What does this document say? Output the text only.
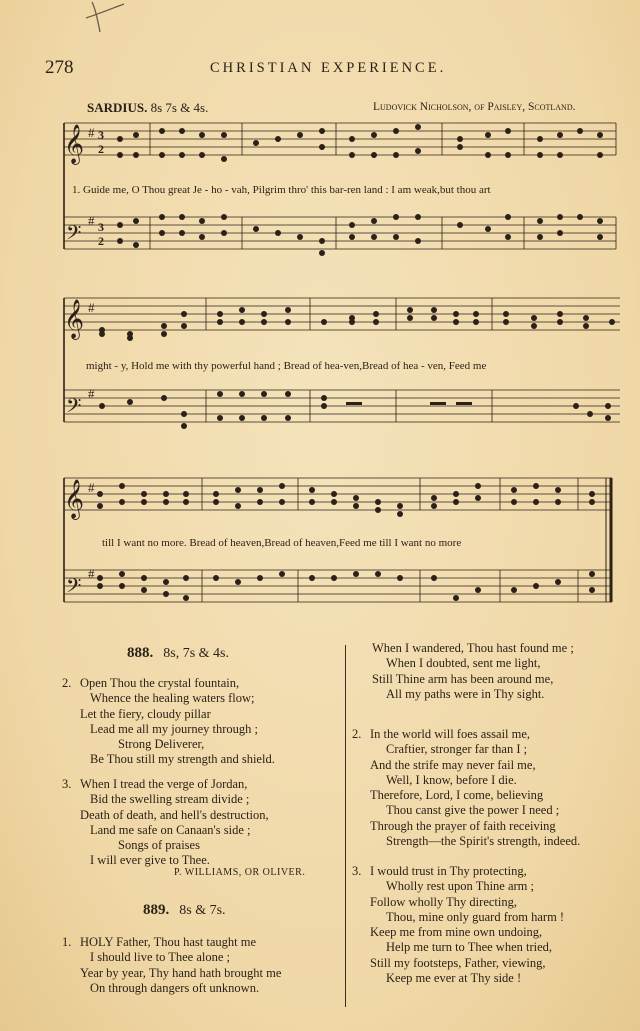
278	CHRISTIAN EXPERIENCE.
SARDIUS. 8s 7s & 4s.	Ludovick Nicholson, of Paisley, Scotland.
𝄞
𝄢
#
#
3
2
3
2
1. Guide me, O Thou great Je - ho - vah, Pilgrim thro' this bar-ren land : I am weak,but thou art
𝄞
𝄢
#
#
might - y, Hold me with thy powerful hand ; Bread of hea-ven,Bread of hea - ven, Feed me
𝄞
𝄢
#
#
till I want no more. Bread of heaven,Bread of heaven,Feed me till I want no more
888. 8s, 7s & 4s.
2. Open Thou the crystal fountain,
Whence the healing waters flow;
Let the fiery, cloudy pillar
Lead me all my journey through ;
Strong Deliverer,
Be Thou still my strength and shield.
3. When I tread the verge of Jordan,
Bid the swelling stream divide ;
Death of death, and hell's destruction,
Land me safe on Canaan's side ;
Songs of praises
I will ever give to Thee.
P. WILLIAMS, OR OLIVER.
889. 8s & 7s.
1. HOLY Father, Thou hast taught me
I should live to Thee alone ;
Year by year, Thy hand hath brought me
On through dangers oft unknown.
When I wandered, Thou hast found me ;
When I doubted, sent me light,
Still Thine arm has been around me,
All my paths were in Thy sight.
2. In the world will foes assail me,
Craftier, stronger far than I ;
And the strife may never fail me,
Well, I know, before I die.
Therefore, Lord, I come, believing
Thou canst give the power I need ;
Through the prayer of faith receiving
Strength—the Spirit's strength, indeed.
3. I would trust in Thy protecting,
Wholly rest upon Thine arm ;
Follow wholly Thy directing,
Thou, mine only guard from harm !
Keep me from mine own undoing,
Help me turn to Thee when tried,
Still my footsteps, Father, viewing,
Keep me ever at Thy side !
